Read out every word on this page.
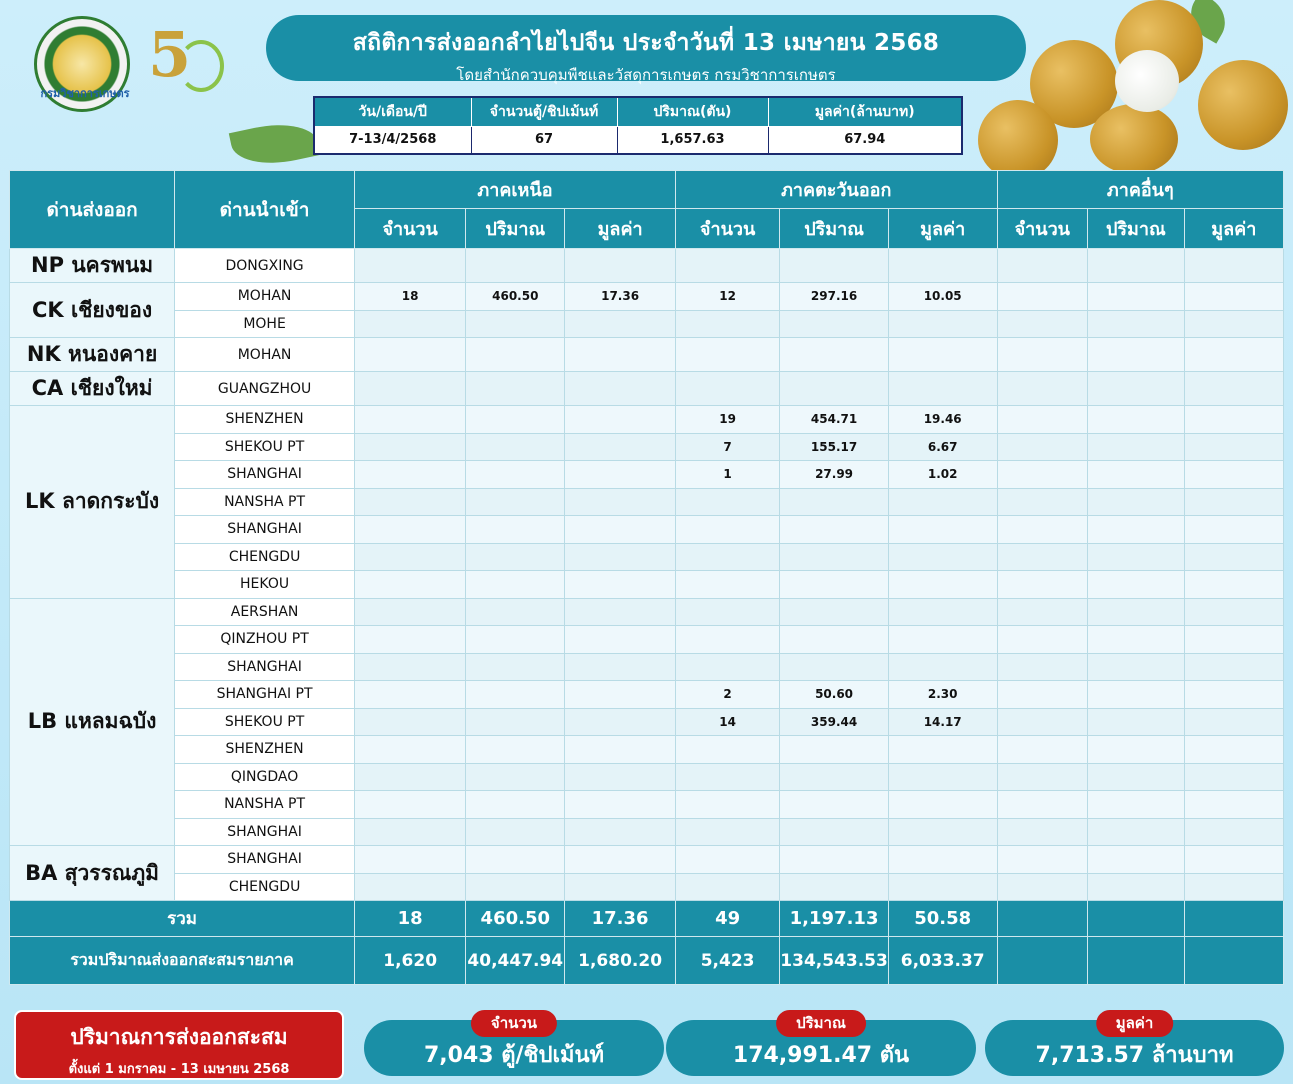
กรมวิชาการเกษตร
5	สถิติการส่งออกลำไยไปจีน ประจำวันที่ 13 เมษายน 2568
โดยสำนักควบคุมพืชและวัสดุการเกษตร กรมวิชาการเกษตร
วัน/เดือน/ปี	จำนวนตู้/ชิปเม้นท์	ปริมาณ(ตัน)	มูลค่า(ล้านบาท)
7-13/4/2568	67	1,657.63	67.94
ด่านส่งออก	ด่านนำเข้า	ภาคเหนือ			ภาคตะวันออก			ภาคอื่นๆ		
		จำนวน	ปริมาณ	มูลค่า	จำนวน	ปริมาณ	มูลค่า	จำนวน	ปริมาณ	มูลค่า
NP นครพนม	DONGXING									
CK เชียงของ	MOHAN	18	460.50	17.36	12	297.16	10.05			
	MOHE									
NK หนองคาย	MOHAN									
CA เชียงใหม่	GUANGZHOU									
LK ลาดกระบัง	SHENZHEN				19	454.71	19.46			
	SHEKOU PT				7	155.17	6.67			
	SHANGHAI				1	27.99	1.02			
	NANSHA PT									
	SHANGHAI									
	CHENGDU									
	HEKOU									
LB แหลมฉบัง	AERSHAN									
	QINZHOU PT									
	SHANGHAI									
	SHANGHAI PT				2	50.60	2.30			
	SHEKOU PT				14	359.44	14.17			
	SHENZHEN									
	QINGDAO									
	NANSHA PT									
	SHANGHAI									
BA สุวรรณภูมิ	SHANGHAI									
	CHENGDU									
รวม		18	460.50	17.36	49	1,197.13	50.58			
รวมปริมาณส่งออกสะสมรายภาค		1,620	40,447.94	1,680.20	5,423	134,543.53	6,033.37			
ปริมาณการส่งออกสะสม
ตั้งแต่ 1 มกราคม - 13 เมษายน 2568
จำนวน
7,043 ตู้/ชิปเม้นท์
ปริมาณ
174,991.47 ตัน
มูลค่า
7,713.57 ล้านบาท
